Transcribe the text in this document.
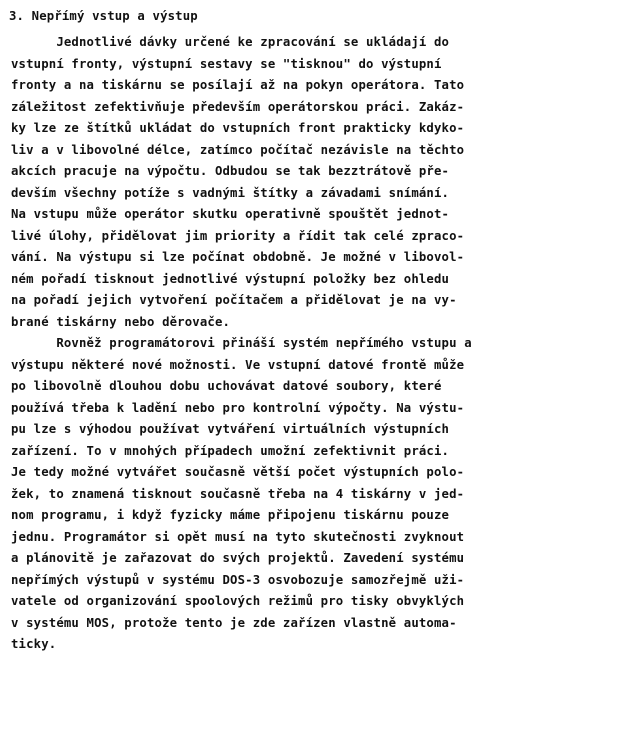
3. Nepřímý vstup a výstup
Jednotlivé dávky určené ke zpracování se ukládají do
vstupní fronty, výstupní sestavy se "tisknou" do výstupní
fronty a na tiskárnu se posílají až na pokyn operátora. Tato
záležitost zefektivňuje především operátorskou práci. Zakáz-
ky lze ze štítků ukládat do vstupních front prakticky kdyko-
liv a v libovolné délce, zatímco počítač nezávisle na těchto
akcích pracuje na výpočtu. Odbudou se tak bezztrátově pře-
devším všechny potíže s vadnými štítky a závadami snímání.
Na vstupu může operátor skutku operativně spouštět jednot-
livé úlohy, přidělovat jim priority a řídit tak celé zpraco-
vání. Na výstupu si lze počínat obdobně. Je možné v libovol-
ném pořadí tisknout jednotlivé výstupní položky bez ohledu
na pořadí jejich vytvoření počítačem a přidělovat je na vy-
brané tiskárny nebo děrovače.
Rovněž programátorovi přináší systém nepřímého vstupu a
výstupu některé nové možnosti. Ve vstupní datové frontě může
po libovolně dlouhou dobu uchovávat datové soubory, které
používá třeba k ladění nebo pro kontrolní výpočty. Na výstu-
pu lze s výhodou používat vytváření virtuálních výstupních
zařízení. To v mnohých případech umožní zefektivnit práci.
Je tedy možné vytvářet současně větší počet výstupních polo-
žek, to znamená tisknout současně třeba na 4 tiskárny v jed-
nom programu, i když fyzicky máme připojenu tiskárnu pouze
jednu. Programátor si opět musí na tyto skutečnosti zvyknout
a plánovitě je zařazovat do svých projektů. Zavedení systému
nepřímých výstupů v systému DOS-3 osvobozuje samozřejmě uži-
vatele od organizování spoolových režimů pro tisky obvyklých
v systému MOS, protože tento je zde zařízen vlastně automa-
ticky.
